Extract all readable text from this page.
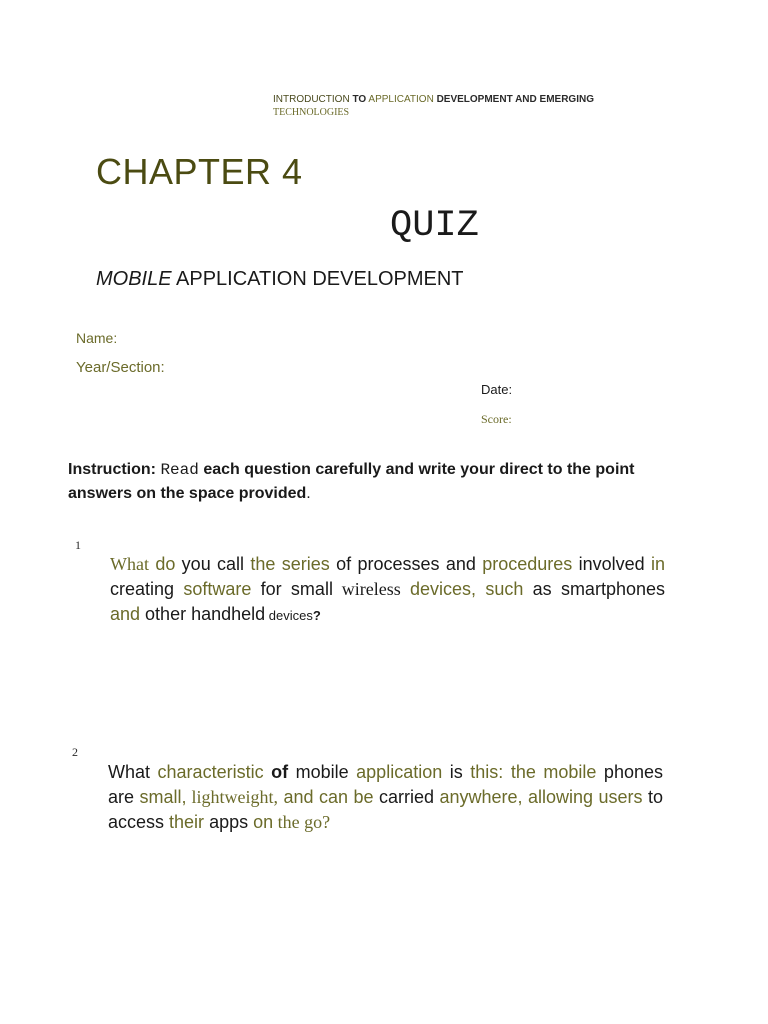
INTRODUCTION TO APPLICATION DEVELOPMENT AND EMERGING
TECHNOLOGIES
CHAPTER 4
QUIZ
MOBILE APPLICATION DEVELOPMENT
Name:
Year/Section:
Date:
Score:
Instruction: Read each question carefully and write your direct to the point answers on the space provided.
1
What do you call the series of processes and procedures involved in creating software for small wireless devices, such as smartphones and other handheld devices?
2
What characteristic of mobile application is this: the mobile phones are small, lightweight, and can be carried anywhere, allowing users to access their apps on the go?
